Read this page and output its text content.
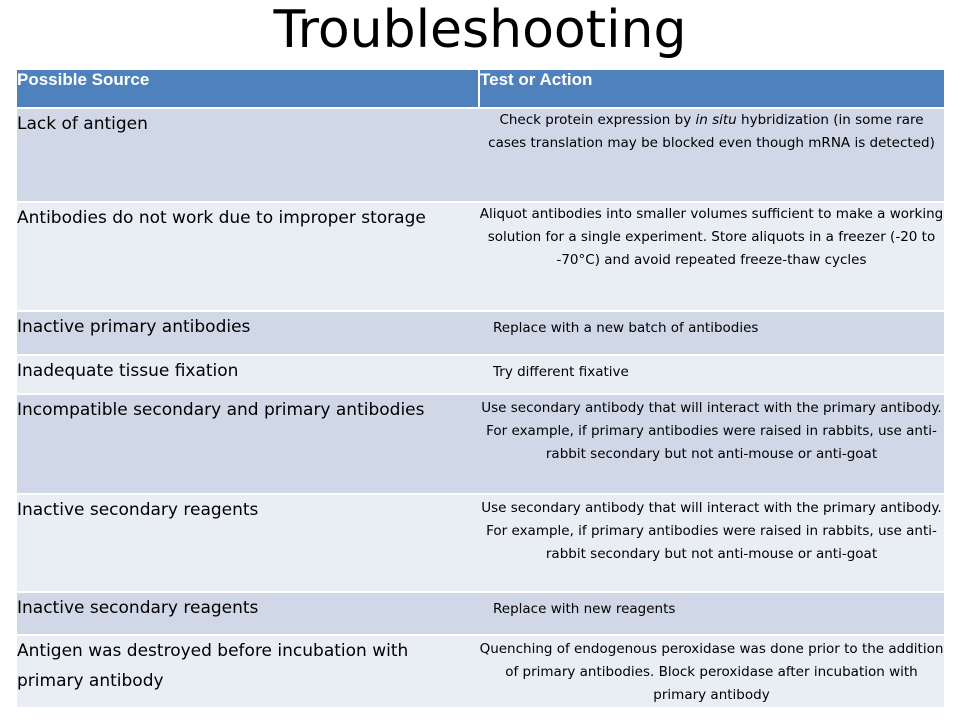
Troubleshooting
Possible Source	Test or Action
Lack of antigen	Check protein expression by in situ hybridization (in some rare cases translation may be blocked even though mRNA is detected)
Antibodies do not work due to improper storage	Aliquot antibodies into smaller volumes sufficient to make a working solution for a single experiment. Store aliquots in a freezer (-20 to -70°C) and avoid repeated freeze-thaw cycles
Inactive primary antibodies	Replace with a new batch of antibodies
Inadequate tissue fixation	Try different fixative
Incompatible secondary and primary antibodies	Use secondary antibody that will interact with the primary antibody. For example, if primary antibodies were raised in rabbits, use anti-rabbit secondary but not anti-mouse or anti-goat
Inactive secondary reagents	Use secondary antibody that will interact with the primary antibody. For example, if primary antibodies were raised in rabbits, use anti-rabbit secondary but not anti-mouse or anti-goat
Inactive secondary reagents	Replace with new reagents
Antigen was destroyed before incubation with primary antibody	Quenching of endogenous peroxidase was done prior to the addition of primary antibodies. Block peroxidase after incubation with primary antibody
